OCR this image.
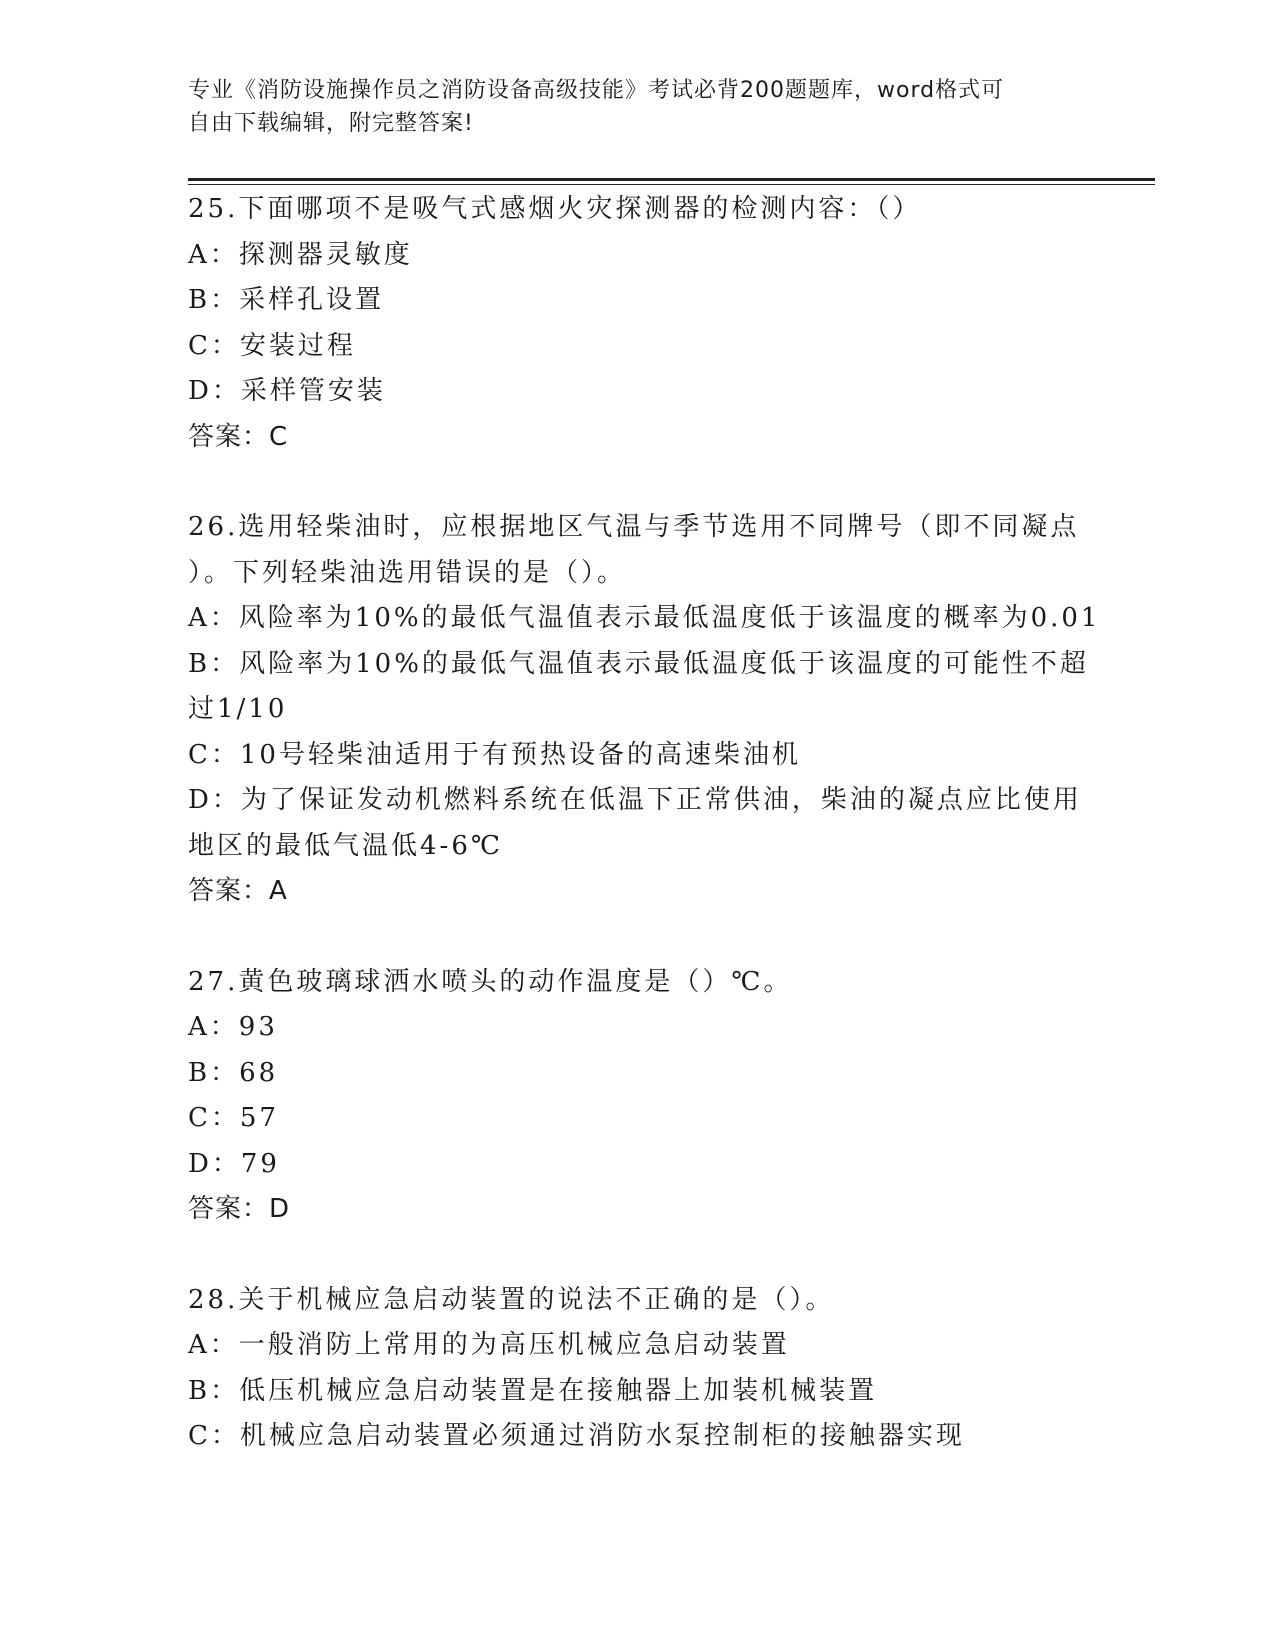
专业《消防设施操作员之消防设备高级技能》考试必背200题题库，word格式可
自由下载编辑，附完整答案!
25.下面哪项不是吸气式感烟火灾探测器的检测内容：（）
A：探测器灵敏度
B：采样孔设置
C：安装过程
D：采样管安装
答案：C
26.选用轻柴油时，应根据地区气温与季节选用不同牌号（即不同凝点
）。下列轻柴油选用错误的是（）。
A：风险率为10%的最低气温值表示最低温度低于该温度的概率为0.01
B：风险率为10%的最低气温值表示最低温度低于该温度的可能性不超
过1/10
C：10号轻柴油适用于有预热设备的高速柴油机
D：为了保证发动机燃料系统在低温下正常供油，柴油的凝点应比使用
地区的最低气温低4-6℃
答案：A
27.黄色玻璃球洒水喷头的动作温度是（）℃。
A：93
B：68
C：57
D：79
答案：D
28.关于机械应急启动装置的说法不正确的是（）。
A：一般消防上常用的为高压机械应急启动装置
B：低压机械应急启动装置是在接触器上加装机械装置
C：机械应急启动装置必须通过消防水泵控制柜的接触器实现
